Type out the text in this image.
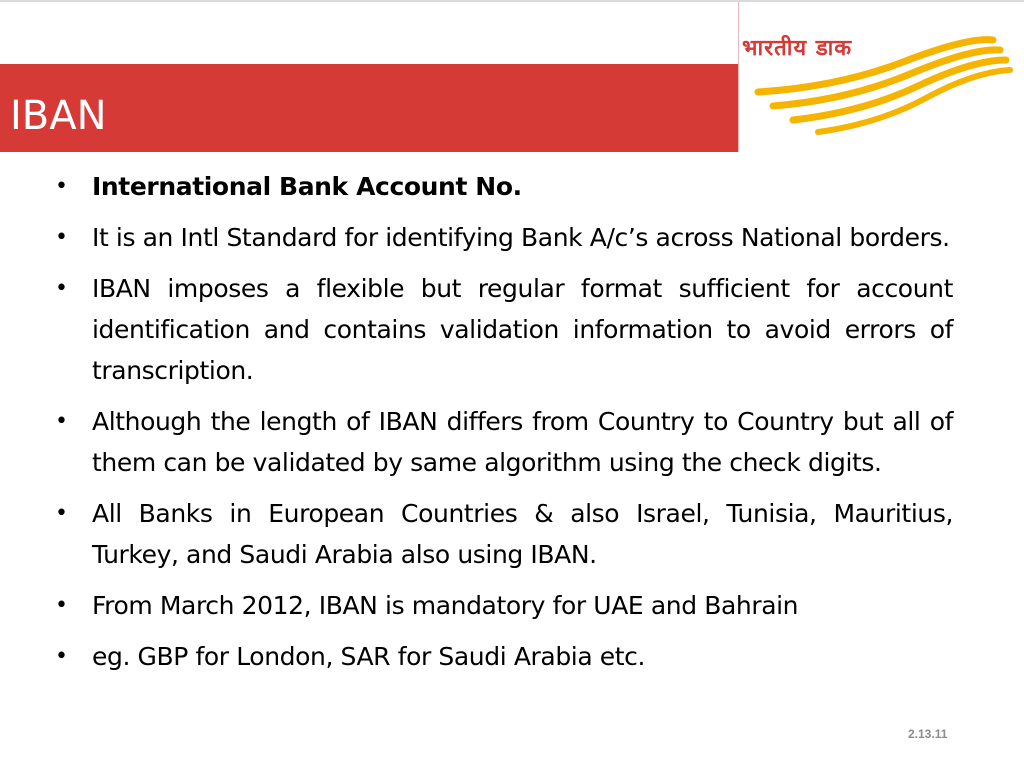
IBAN
भारतीय डाक
• International Bank Account No.
• It is an Intl Standard for identifying Bank A/c’s across National borders.
• IBAN imposes a flexible but regular format sufficient for account identification and contains validation information to avoid errors of transcription.
• Although the length of IBAN differs from Country to Country but all of them can be validated by same algorithm using the check digits.
• All Banks in European Countries & also Israel, Tunisia, Mauritius, Turkey, and Saudi Arabia also using IBAN.
• From March 2012, IBAN is mandatory for UAE and Bahrain
• eg. GBP for London, SAR for Saudi Arabia etc.
2.13.11
